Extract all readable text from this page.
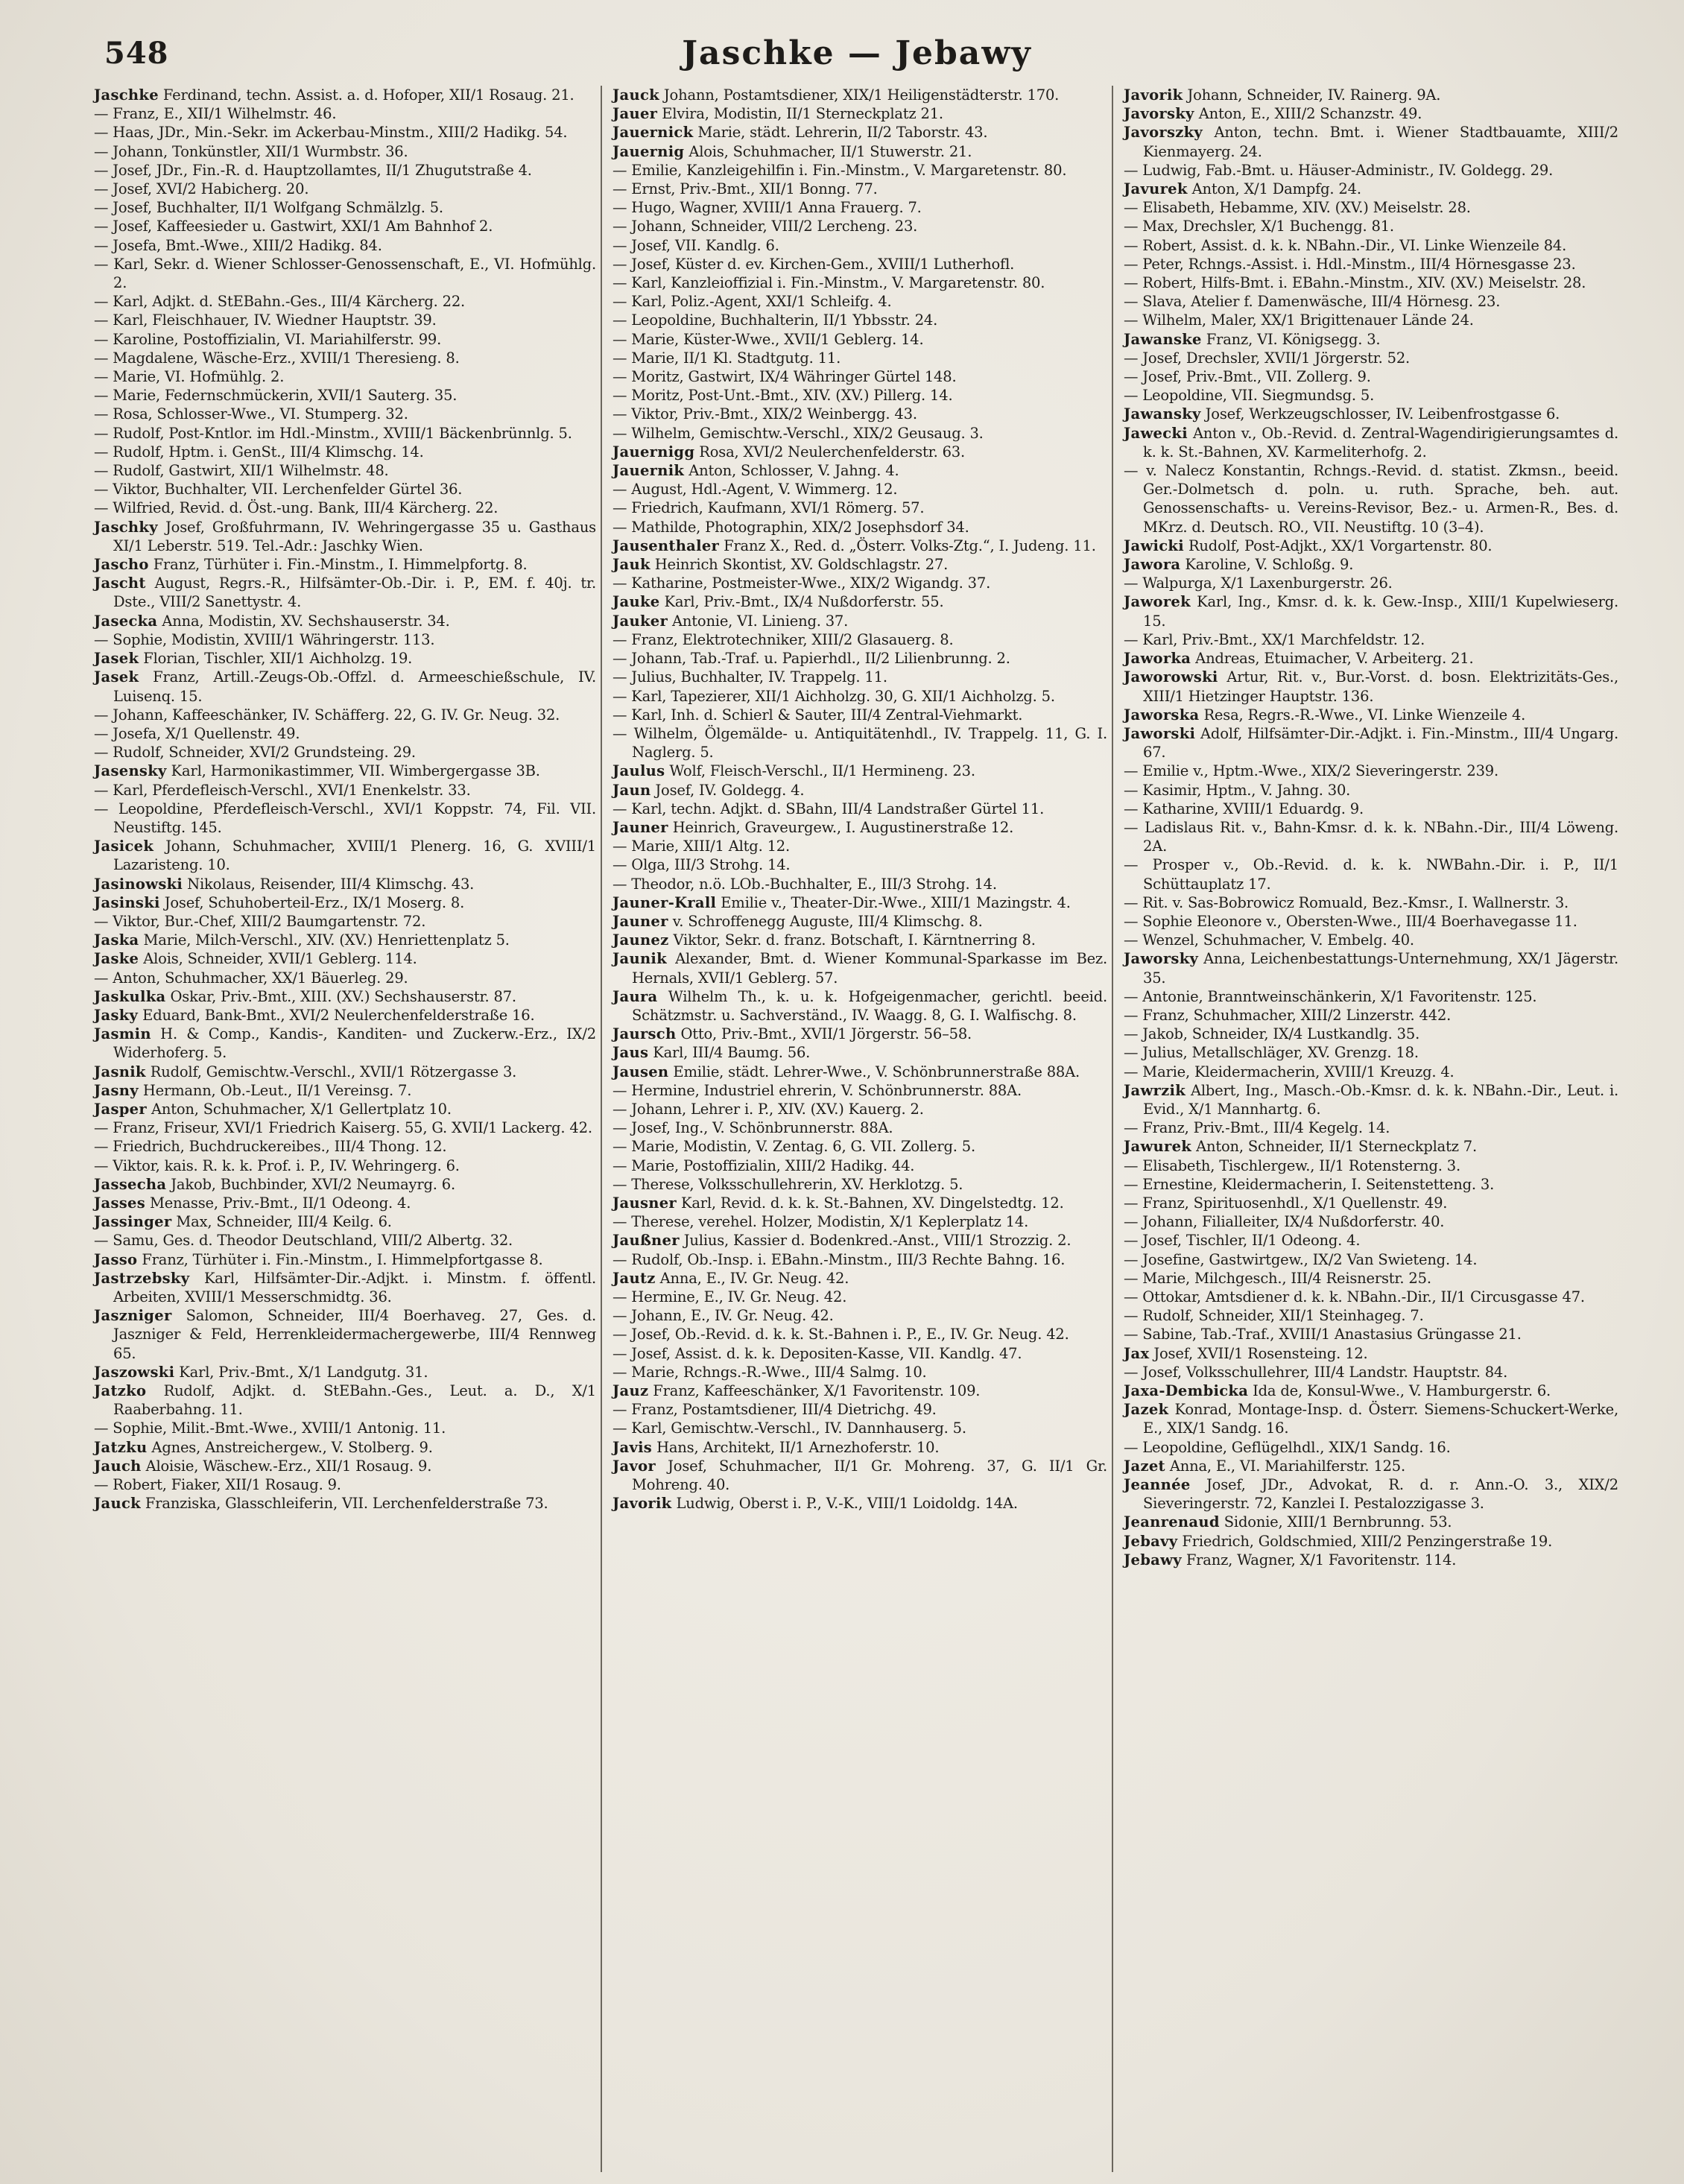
548	Jaschke — Jebawy
Jaschke Ferdinand, techn. Assist. a. d. Hofoper, XII/1 Rosaug. 21.
— Franz, E., XII/1 Wilhelmstr. 46.
— Haas, JDr., Min.-Sekr. im Ackerbau-Minstm., XIII/2 Hadikg. 54.
— Johann, Tonkünstler, XII/1 Wurmbstr. 36.
— Josef, JDr., Fin.-R. d. Hauptzollamtes, II/1 Zhugutstraße 4.
— Josef, XVI/2 Habicherg. 20.
— Josef, Buchhalter, II/1 Wolfgang Schmälzlg. 5.
— Josef, Kaffeesieder u. Gastwirt, XXI/1 Am Bahnhof 2.
— Josefa, Bmt.-Wwe., XIII/2 Hadikg. 84.
— Karl, Sekr. d. Wiener Schlosser-Genossenschaft, E., VI. Hofmühlg. 2.
— Karl, Adjkt. d. StEBahn.-Ges., III/4 Kärcherg. 22.
— Karl, Fleischhauer, IV. Wiedner Hauptstr. 39.
— Karoline, Postoffizialin, VI. Mariahilferstr. 99.
— Magdalene, Wäsche-Erz., XVIII/1 Theresieng. 8.
— Marie, VI. Hofmühlg. 2.
— Marie, Federnschmückerin, XVII/1 Sauterg. 35.
— Rosa, Schlosser-Wwe., VI. Stumperg. 32.
— Rudolf, Post-Kntlor. im Hdl.-Minstm., XVIII/1 Bäckenbrünnlg. 5.
— Rudolf, Hptm. i. GenSt., III/4 Klimschg. 14.
— Rudolf, Gastwirt, XII/1 Wilhelmstr. 48.
— Viktor, Buchhalter, VII. Lerchenfelder Gürtel 36.
— Wilfried, Revid. d. Öst.-ung. Bank, III/4 Kärcherg. 22.
Jaschky Josef, Großfuhrmann, IV. Wehringergasse 35 u. Gasthaus XI/1 Leberstr. 519. Tel.-Adr.: Jaschky Wien.
Jascho Franz, Türhüter i. Fin.-Minstm., I. Himmelpfortg. 8.
Jascht August, Regrs.-R., Hilfsämter-Ob.-Dir. i. P., EM. f. 40j. tr. Dste., VIII/2 Sanettystr. 4.
Jasecka Anna, Modistin, XV. Sechshauserstr. 34.
— Sophie, Modistin, XVIII/1 Währingerstr. 113.
Jasek Florian, Tischler, XII/1 Aichholzg. 19.
Jasek Franz, Artill.-Zeugs-Ob.-Offzl. d. Armeeschießschule, IV. Luisenq. 15.
— Johann, Kaffeeschänker, IV. Schäfferg. 22, G. IV. Gr. Neug. 32.
— Josefa, X/1 Quellenstr. 49.
— Rudolf, Schneider, XVI/2 Grundsteing. 29.
Jasensky Karl, Harmonikastimmer, VII. Wimbergergasse 3B.
— Karl, Pferdefleisch-Verschl., XVI/1 Enenkelstr. 33.
— Leopoldine, Pferdefleisch-Verschl., XVI/1 Koppstr. 74, Fil. VII. Neustiftg. 145.
Jasicek Johann, Schuhmacher, XVIII/1 Plenerg. 16, G. XVIII/1 Lazaristeng. 10.
Jasinowski Nikolaus, Reisender, III/4 Klimschg. 43.
Jasinski Josef, Schuhoberteil-Erz., IX/1 Moserg. 8.
— Viktor, Bur.-Chef, XIII/2 Baumgartenstr. 72.
Jaska Marie, Milch-Verschl., XIV. (XV.) Henriettenplatz 5.
Jaske Alois, Schneider, XVII/1 Geblerg. 114.
— Anton, Schuhmacher, XX/1 Bäuerleg. 29.
Jaskulka Oskar, Priv.-Bmt., XIII. (XV.) Sechshauserstr. 87.
Jasky Eduard, Bank-Bmt., XVI/2 Neulerchenfelderstraße 16.
Jasmin H. & Comp., Kandis-, Kanditen- und Zuckerw.-Erz., IX/2 Widerhoferg. 5.
Jasnik Rudolf, Gemischtw.-Verschl., XVII/1 Rötzergasse 3.
Jasny Hermann, Ob.-Leut., II/1 Vereinsg. 7.
Jasper Anton, Schuhmacher, X/1 Gellertplatz 10.
— Franz, Friseur, XVI/1 Friedrich Kaiserg. 55, G. XVII/1 Lackerg. 42.
— Friedrich, Buchdruckereibes., III/4 Thong. 12.
— Viktor, kais. R. k. k. Prof. i. P., IV. Wehringerg. 6.
Jassecha Jakob, Buchbinder, XVI/2 Neumayrg. 6.
Jasses Menasse, Priv.-Bmt., II/1 Odeong. 4.
Jassinger Max, Schneider, III/4 Keilg. 6.
— Samu, Ges. d. Theodor Deutschland, VIII/2 Albertg. 32.
Jasso Franz, Türhüter i. Fin.-Minstm., I. Himmelpfortgasse 8.
Jastrzebsky Karl, Hilfsämter-Dir.-Adjkt. i. Minstm. f. öffentl. Arbeiten, XVIII/1 Messerschmidtg. 36.
Jaszniger Salomon, Schneider, III/4 Boerhaveg. 27, Ges. d. Jaszniger & Feld, Herrenkleidermachergewerbe, III/4 Rennweg 65.
Jaszowski Karl, Priv.-Bmt., X/1 Landgutg. 31.
Jatzko Rudolf, Adjkt. d. StEBahn.-Ges., Leut. a. D., X/1 Raaberbahng. 11.
— Sophie, Milit.-Bmt.-Wwe., XVIII/1 Antonig. 11.
Jatzku Agnes, Anstreichergew., V. Stolberg. 9.
Jauch Aloisie, Wäschew.-Erz., XII/1 Rosaug. 9.
— Robert, Fiaker, XII/1 Rosaug. 9.
Jauck Franziska, Glasschleiferin, VII. Lerchenfelderstraße 73.
Jauck Johann, Postamtsdiener, XIX/1 Heiligenstädterstr. 170.
Jauer Elvira, Modistin, II/1 Sterneckplatz 21.
Jauernick Marie, städt. Lehrerin, II/2 Taborstr. 43.
Jauernig Alois, Schuhmacher, II/1 Stuwerstr. 21.
— Emilie, Kanzleigehilfin i. Fin.-Minstm., V. Margaretenstr. 80.
— Ernst, Priv.-Bmt., XII/1 Bonng. 77.
— Hugo, Wagner, XVIII/1 Anna Frauerg. 7.
— Johann, Schneider, VIII/2 Lercheng. 23.
— Josef, VII. Kandlg. 6.
— Josef, Küster d. ev. Kirchen-Gem., XVIII/1 Lutherhofl.
— Karl, Kanzleioffizial i. Fin.-Minstm., V. Margaretenstr. 80.
— Karl, Poliz.-Agent, XXI/1 Schleifg. 4.
— Leopoldine, Buchhalterin, II/1 Ybbsstr. 24.
— Marie, Küster-Wwe., XVII/1 Geblerg. 14.
— Marie, II/1 Kl. Stadtgutg. 11.
— Moritz, Gastwirt, IX/4 Währinger Gürtel 148.
— Moritz, Post-Unt.-Bmt., XIV. (XV.) Pillerg. 14.
— Viktor, Priv.-Bmt., XIX/2 Weinbergg. 43.
— Wilhelm, Gemischtw.-Verschl., XIX/2 Geusaug. 3.
Jauernigg Rosa, XVI/2 Neulerchenfelderstr. 63.
Jauernik Anton, Schlosser, V. Jahng. 4.
— August, Hdl.-Agent, V. Wimmerg. 12.
— Friedrich, Kaufmann, XVI/1 Römerg. 57.
— Mathilde, Photographin, XIX/2 Josephsdorf 34.
Jausenthaler Franz X., Red. d. „Österr. Volks-Ztg.“, I. Judeng. 11.
Jauk Heinrich Skontist, XV. Goldschlagstr. 27.
— Katharine, Postmeister-Wwe., XIX/2 Wigandg. 37.
Jauke Karl, Priv.-Bmt., IX/4 Nußdorferstr. 55.
Jauker Antonie, VI. Linieng. 37.
— Franz, Elektrotechniker, XIII/2 Glasauerg. 8.
— Johann, Tab.-Traf. u. Papierhdl., II/2 Lilienbrunng. 2.
— Julius, Buchhalter, IV. Trappelg. 11.
— Karl, Tapezierer, XII/1 Aichholzg. 30, G. XII/1 Aichholzg. 5.
— Karl, Inh. d. Schierl & Sauter, III/4 Zentral-Viehmarkt.
— Wilhelm, Ölgemälde- u. Antiquitätenhdl., IV. Trappelg. 11, G. I. Naglerg. 5.
Jaulus Wolf, Fleisch-Verschl., II/1 Hermineng. 23.
Jaun Josef, IV. Goldegg. 4.
— Karl, techn. Adjkt. d. SBahn, III/4 Landstraßer Gürtel 11.
Jauner Heinrich, Graveurgew., I. Augustinerstraße 12.
— Marie, XIII/1 Altg. 12.
— Olga, III/3 Strohg. 14.
— Theodor, n.ö. LOb.-Buchhalter, E., III/3 Strohg. 14.
Jauner-Krall Emilie v., Theater-Dir.-Wwe., XIII/1 Mazingstr. 4.
Jauner v. Schroffenegg Auguste, III/4 Klimschg. 8.
Jaunez Viktor, Sekr. d. franz. Botschaft, I. Kärntnerring 8.
Jaunik Alexander, Bmt. d. Wiener Kommunal-Sparkasse im Bez. Hernals, XVII/1 Geblerg. 57.
Jaura Wilhelm Th., k. u. k. Hofgeigenmacher, gerichtl. beeid. Schätzmstr. u. Sachverständ., IV. Waagg. 8, G. I. Walfischg. 8.
Jaursch Otto, Priv.-Bmt., XVII/1 Jörgerstr. 56–58.
Jaus Karl, III/4 Baumg. 56.
Jausen Emilie, städt. Lehrer-Wwe., V. Schönbrunnerstraße 88A.
— Hermine, Industriel ehrerin, V. Schönbrunnerstr. 88A.
— Johann, Lehrer i. P., XIV. (XV.) Kauerg. 2.
— Josef, Ing., V. Schönbrunnerstr. 88A.
— Marie, Modistin, V. Zentag. 6, G. VII. Zollerg. 5.
— Marie, Postoffizialin, XIII/2 Hadikg. 44.
— Therese, Volksschullehrerin, XV. Herklotzg. 5.
Jausner Karl, Revid. d. k. k. St.-Bahnen, XV. Dingelstedtg. 12.
— Therese, verehel. Holzer, Modistin, X/1 Keplerplatz 14.
Jaußner Julius, Kassier d. Bodenkred.-Anst., VIII/1 Strozzig. 2.
— Rudolf, Ob.-Insp. i. EBahn.-Minstm., III/3 Rechte Bahng. 16.
Jautz Anna, E., IV. Gr. Neug. 42.
— Hermine, E., IV. Gr. Neug. 42.
— Johann, E., IV. Gr. Neug. 42.
— Josef, Ob.-Revid. d. k. k. St.-Bahnen i. P., E., IV. Gr. Neug. 42.
— Josef, Assist. d. k. k. Depositen-Kasse, VII. Kandlg. 47.
— Marie, Rchngs.-R.-Wwe., III/4 Salmg. 10.
Jauz Franz, Kaffeeschänker, X/1 Favoritenstr. 109.
— Franz, Postamtsdiener, III/4 Dietrichg. 49.
— Karl, Gemischtw.-Verschl., IV. Dannhauserg. 5.
Javis Hans, Architekt, II/1 Arnezhoferstr. 10.
Javor Josef, Schuhmacher, II/1 Gr. Mohreng. 37, G. II/1 Gr. Mohreng. 40.
Javorik Ludwig, Oberst i. P., V.-K., VIII/1 Loidoldg. 14A.
Javorik Johann, Schneider, IV. Rainerg. 9A.
Javorsky Anton, E., XIII/2 Schanzstr. 49.
Javorszky Anton, techn. Bmt. i. Wiener Stadtbauamte, XIII/2 Kienmayerg. 24.
— Ludwig, Fab.-Bmt. u. Häuser-Administr., IV. Goldegg. 29.
Javurek Anton, X/1 Dampfg. 24.
— Elisabeth, Hebamme, XIV. (XV.) Meiselstr. 28.
— Max, Drechsler, X/1 Buchengg. 81.
— Robert, Assist. d. k. k. NBahn.-Dir., VI. Linke Wienzeile 84.
— Peter, Rchngs.-Assist. i. Hdl.-Minstm., III/4 Hörnesgasse 23.
— Robert, Hilfs-Bmt. i. EBahn.-Minstm., XIV. (XV.) Meiselstr. 28.
— Slava, Atelier f. Damenwäsche, III/4 Hörnesg. 23.
— Wilhelm, Maler, XX/1 Brigittenauer Lände 24.
Jawanske Franz, VI. Königsegg. 3.
— Josef, Drechsler, XVII/1 Jörgerstr. 52.
— Josef, Priv.-Bmt., VII. Zollerg. 9.
— Leopoldine, VII. Siegmundsg. 5.
Jawansky Josef, Werkzeugschlosser, IV. Leibenfrostgasse 6.
Jawecki Anton v., Ob.-Revid. d. Zentral-Wagendirigierungsamtes d. k. k. St.-Bahnen, XV. Karmeliterhofg. 2.
— v. Nalecz Konstantin, Rchngs.-Revid. d. statist. Zkmsn., beeid. Ger.-Dolmetsch d. poln. u. ruth. Sprache, beh. aut. Genossenschafts- u. Vereins-Revisor, Bez.- u. Armen-R., Bes. d. MKrz. d. Deutsch. RO., VII. Neustiftg. 10 (3–4).
Jawicki Rudolf, Post-Adjkt., XX/1 Vorgartenstr. 80.
Jawora Karoline, V. Schloßg. 9.
— Walpurga, X/1 Laxenburgerstr. 26.
Jaworek Karl, Ing., Kmsr. d. k. k. Gew.-Insp., XIII/1 Kupelwieserg. 15.
— Karl, Priv.-Bmt., XX/1 Marchfeldstr. 12.
Jaworka Andreas, Etuimacher, V. Arbeiterg. 21.
Jaworowski Artur, Rit. v., Bur.-Vorst. d. bosn. Elektrizitäts-Ges., XIII/1 Hietzinger Hauptstr. 136.
Jaworska Resa, Regrs.-R.-Wwe., VI. Linke Wienzeile 4.
Jaworski Adolf, Hilfsämter-Dir.-Adjkt. i. Fin.-Minstm., III/4 Ungarg. 67.
— Emilie v., Hptm.-Wwe., XIX/2 Sieveringerstr. 239.
— Kasimir, Hptm., V. Jahng. 30.
— Katharine, XVIII/1 Eduardg. 9.
— Ladislaus Rit. v., Bahn-Kmsr. d. k. k. NBahn.-Dir., III/4 Löweng. 2A.
— Prosper v., Ob.-Revid. d. k. k. NWBahn.-Dir. i. P., II/1 Schüttauplatz 17.
— Rit. v. Sas-Bobrowicz Romuald, Bez.-Kmsr., I. Wallnerstr. 3.
— Sophie Eleonore v., Obersten-Wwe., III/4 Boerhavegasse 11.
— Wenzel, Schuhmacher, V. Embelg. 40.
Jaworsky Anna, Leichenbestattungs-Unternehmung, XX/1 Jägerstr. 35.
— Antonie, Branntweinschänkerin, X/1 Favoritenstr. 125.
— Franz, Schuhmacher, XIII/2 Linzerstr. 442.
— Jakob, Schneider, IX/4 Lustkandlg. 35.
— Julius, Metallschläger, XV. Grenzg. 18.
— Marie, Kleidermacherin, XVIII/1 Kreuzg. 4.
Jawrzik Albert, Ing., Masch.-Ob.-Kmsr. d. k. k. NBahn.-Dir., Leut. i. Evid., X/1 Mannhartg. 6.
— Franz, Priv.-Bmt., III/4 Kegelg. 14.
Jawurek Anton, Schneider, II/1 Sterneckplatz 7.
— Elisabeth, Tischlergew., II/1 Rotensterng. 3.
— Ernestine, Kleidermacherin, I. Seitenstetteng. 3.
— Franz, Spirituosenhdl., X/1 Quellenstr. 49.
— Johann, Filialleiter, IX/4 Nußdorferstr. 40.
— Josef, Tischler, II/1 Odeong. 4.
— Josefine, Gastwirtgew., IX/2 Van Swieteng. 14.
— Marie, Milchgesch., III/4 Reisnerstr. 25.
— Ottokar, Amtsdiener d. k. k. NBahn.-Dir., II/1 Circusgasse 47.
— Rudolf, Schneider, XII/1 Steinhageg. 7.
— Sabine, Tab.-Traf., XVIII/1 Anastasius Grüngasse 21.
Jax Josef, XVII/1 Rosensteing. 12.
— Josef, Volksschullehrer, III/4 Landstr. Hauptstr. 84.
Jaxa-Dembicka Ida de, Konsul-Wwe., V. Hamburgerstr. 6.
Jazek Konrad, Montage-Insp. d. Österr. Siemens-Schuckert-Werke, E., XIX/1 Sandg. 16.
— Leopoldine, Geflügelhdl., XIX/1 Sandg. 16.
Jazet Anna, E., VI. Mariahilferstr. 125.
Jeannée Josef, JDr., Advokat, R. d. r. Ann.-O. 3., XIX/2 Sieveringerstr. 72, Kanzlei I. Pestalozzigasse 3.
Jeanrenaud Sidonie, XIII/1 Bernbrunng. 53.
Jebavy Friedrich, Goldschmied, XIII/2 Penzingerstraße 19.
Jebawy Franz, Wagner, X/1 Favoritenstr. 114.
